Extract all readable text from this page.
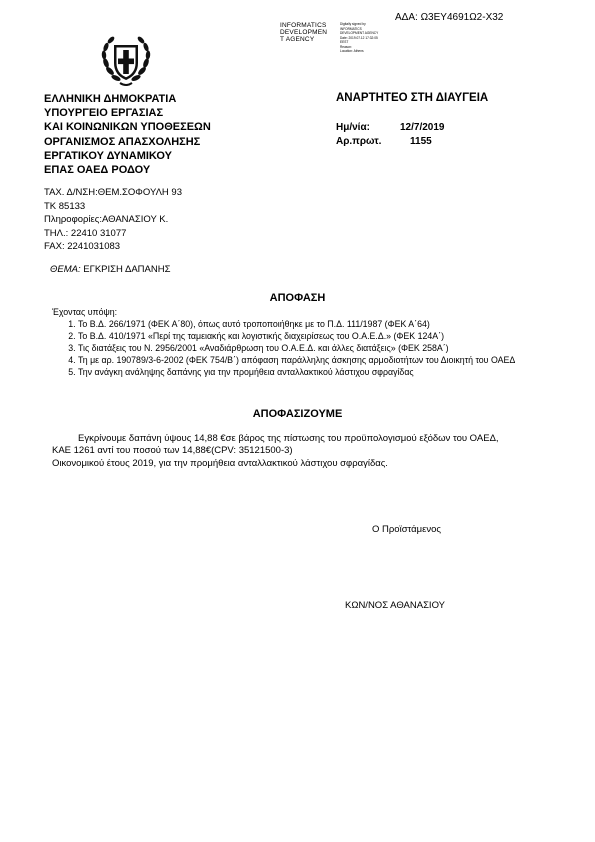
ΑΔΑ: Ω3ΕΥ4691Ω2-Χ32
INFORMATICS
DEVELOPMEN
T AGENCY
Digitally signed by
INFORMATICS
DEVELOPMENT AGENCY
Date: 2019.07.12 17:32:05
EEST
Reason:
Location: Athens
ΕΛΛΗΝΙΚΗ ΔΗΜΟΚΡΑΤΙΑ
ΥΠΟΥΡΓΕΙΟ ΕΡΓΑΣΙΑΣ
ΚΑΙ ΚΟΙΝΩΝΙΚΩΝ ΥΠΟΘΕΣΕΩΝ
ΟΡΓΑΝΙΣΜΟΣ ΑΠΑΣΧΟΛΗΣΗΣ
ΕΡΓΑΤΙΚΟΥ ΔΥΝΑΜΙΚΟΥ
ΕΠΑΣ ΟΑΕΔ ΡΟΔΟΥ
ΑΝΑΡΤΗΤΕΟ ΣΤΗ ΔΙΑΥΓΕΙΑ
Ημ/νία:	12/7/2019
Αρ.πρωτ.	1155
ΤΑΧ. Δ/ΝΣΗ:ΘΕΜ.ΣΟΦΟΥΛΗ 93
ΤΚ 85133
Πληροφορίες:ΑΘΑΝΑΣΙΟΥ Κ.
ΤΗΛ.: 22410 31077
FAX: 2241031083
ΘΕΜΑ: ΕΓΚΡΙΣΗ ΔΑΠΑΝΗΣ
ΑΠΟΦΑΣΗ
Έχοντας υπόψη:
1. Το Β.Δ. 266/1971 (ΦΕΚ Α΄80), όπως αυτό τροποποιήθηκε με το Π.Δ. 111/1987 (ΦΕΚ Α΄64)
2. Το Β.Δ. 410/1971 «Περί της ταμειακής και λογιστικής διαχειρίσεως του Ο.Α.Ε.Δ.» (ΦΕΚ 124Α΄)
3. Τις διατάξεις του Ν. 2956/2001 «Αναδιάρθρωση του Ο.Α.Ε.Δ. και άλλες διατάξεις» (ΦΕΚ 258Α΄)
4. Τη με αρ. 190789/3-6-2002 (ΦΕΚ 754/Β΄) απόφαση παράλληλης άσκησης αρμοδιοτήτων του Διοικητή του ΟΑΕΔ
5. Την ανάγκη ανάληψης δαπάνης για την προμήθεια ανταλλακτικού λάστιχου σφραγίδας
ΑΠΟΦΑΣΙΖΟΥΜΕ
Εγκρίνουμε δαπάνη ύψους 14,88 €σε βάρος της πίστωσης του προϋπολογισμού εξόδων του ΟΑΕΔ,
ΚΑΕ 1261 αντί του ποσού των 14,88€(CPV: 35121500-3)
Οικονομικού έτους 2019, για την προμήθεια ανταλλακτικού λάστιχου σφραγίδας.
Ο Προϊστάμενος
ΚΩΝ/ΝΟΣ ΑΘΑΝΑΣΙΟΥ
